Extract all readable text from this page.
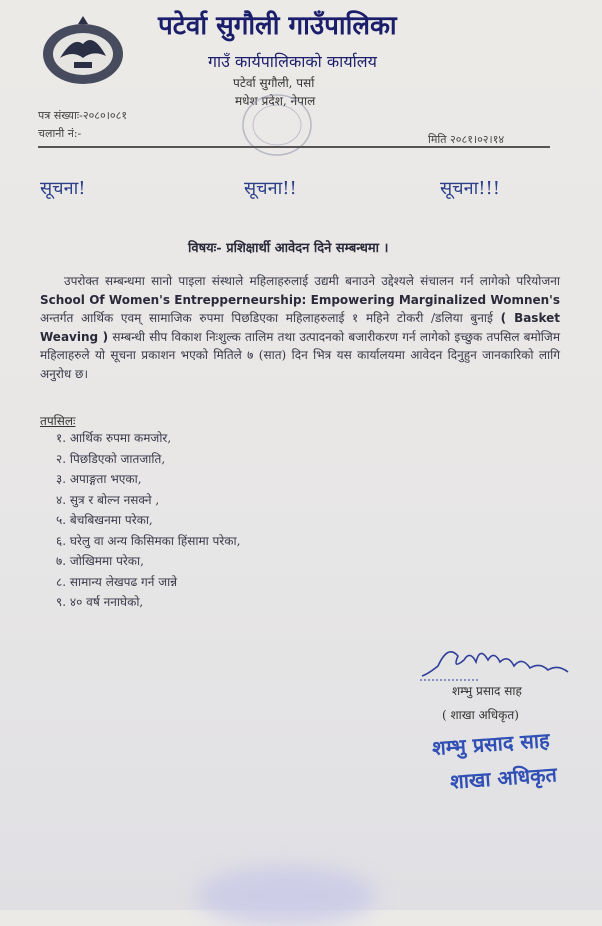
पटेर्वा सुगौली गाउँपालिका
गाउँ कार्यपालिकाको कार्यालय
पटेर्वा सुगौली, पर्सा
मधेश प्रदेश, नेपाल
पत्र संख्याः-२०८०।०८१
चलानी नं:-	मिति २०८१।०२।१४
सूचना!	सूचना!!	सूचना!!!
विषयः- प्रशिक्षार्थी आवेदन दिने सम्बन्धमा ।
  उपरोक्त सम्बन्धमा सानो पाइला संस्थाले महिलाहरुलाई उद्यमी बनाउने उद्देश्यले संचालन गर्न लागेको परियोजना School Of Women's Entrepperneurship: Empowering Marginalized Womnen's अन्तर्गत आर्थिक एवम् सामाजिक रुपमा पिछडिएका महिलाहरुलाई १ महिने टोकरी /डलिया बुनाई ( Basket Weaving ) सम्बन्धी सीप विकाश निःशुल्क तालिम तथा उत्पादनको बजारीकरण गर्न लागेको इच्छुक तपसिल बमोजिम महिलाहरुले यो सूचना प्रकाशन भएको मितिले ७ (सात) दिन भित्र यस कार्यालयमा आवेदन दिनुहुन जानकारिको लागि अनुरोध छ।
तपसिलः
१. आर्थिक रुपमा कमजोर,
२. पिछडिएको जातजाति,
३. अपाङ्गता भएका,
४. सुत्र र बोल्न नसक्ने ,
५. बेचबिखनमा परेका,
६. घरेलु वा अन्य किसिमका हिंसामा परेका,
७. जोखिममा परेका,
८. सामान्य लेखपढ गर्न जान्ने
९. ४० वर्ष ननाघेको,
शम्भु प्रसाद साह
( शाखा अधिकृत)
शम्भु प्रसाद साह
शाखा अधिकृत
